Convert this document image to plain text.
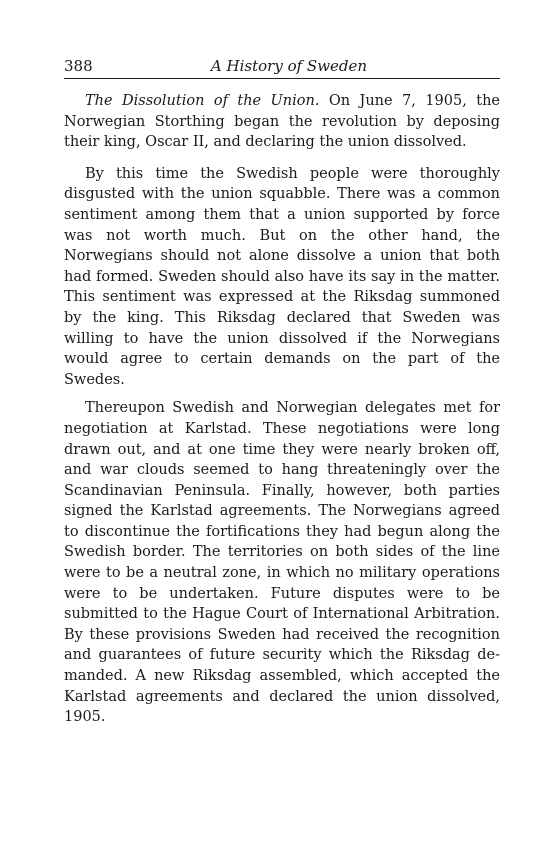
388	A History of Sweden

The Dissolution of the Union. On June 7, 1905, the Norwegian Storthing began the revolution by deposing their king, Oscar II, and declaring the union dissolved.

By this time the Swedish people were thoroughly disgusted with the union squabble. There was a common sentiment among them that a union supported by force was not worth much. But on the other hand, the Norwegians should not alone dissolve a union that both had formed. Sweden should also have its say in the matter. This sentiment was expressed at the Riksdag summoned by the king. This Riksdag declared that Sweden was willing to have the union dissolved if the Norwegians would agree to certain demands on the part of the Swedes.

Thereupon Swedish and Norwegian delegates met for negotiation at Karlstad. These negotiations were long drawn out, and at one time they were nearly broken off, and war clouds seemed to hang threateningly over the Scandinavian Peninsula. Finally, however, both parties signed the Karlstad agreements. The Norwegians agreed to discontinue the fortifications they had begun along the Swedish border. The territories on both sides of the line were to be a neutral zone, in which no military operations were to be undertaken. Future disputes were to be submitted to the Hague Court of International Arbitration. By these provisions Sweden had received the recognition and guarantees of future security which the Riksdag demanded. A new Riksdag assembled, which accepted the Karlstad agreements and declared the union dissolved, 1905.
